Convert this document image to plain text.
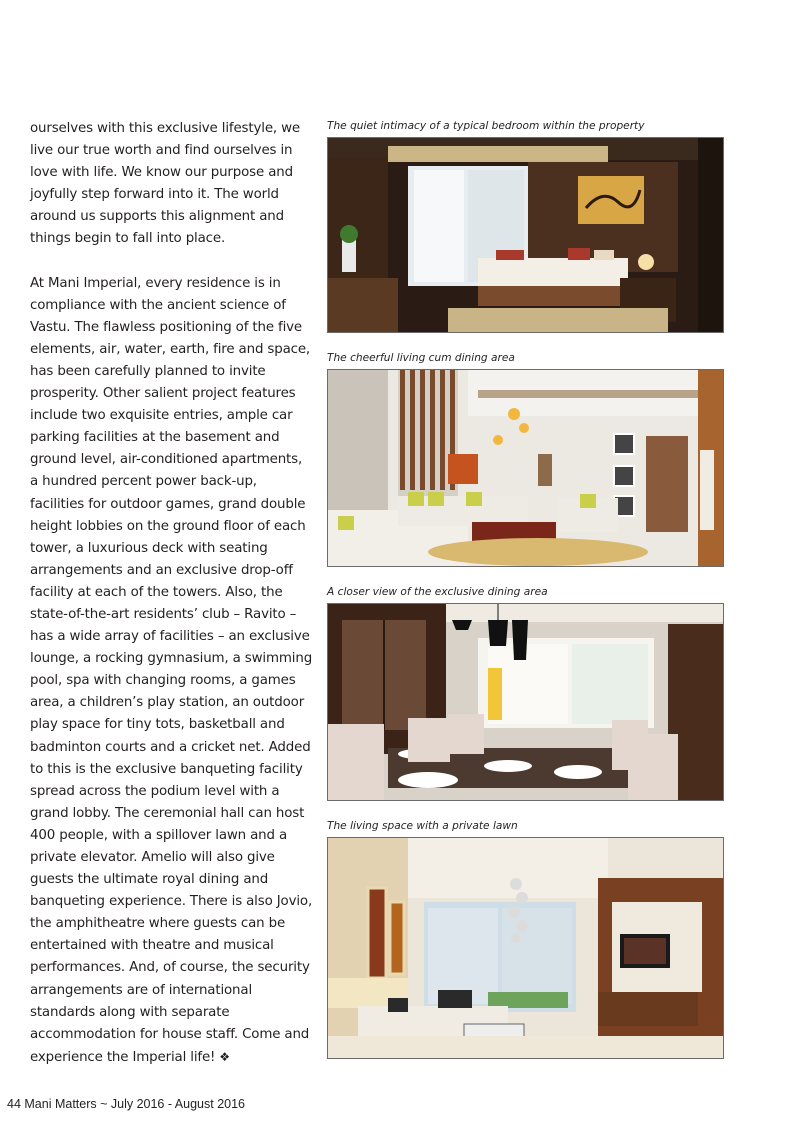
ourselves with this exclusive lifestyle, we live our true worth and find ourselves in love with life. We know our purpose and joyfully step forward into it. The world around us supports this alignment and things begin to fall into place.

At Mani Imperial, every residence is in compliance with the ancient science of Vastu. The flawless positioning of the five elements, air, water, earth, fire and space, has been carefully planned to invite prosperity. Other salient project features include two exquisite entries, ample car parking facilities at the basement and ground level, air-conditioned apartments, a hundred percent power back-up, facilities for outdoor games, grand double height lobbies on the ground floor of each tower, a luxurious deck with seating arrangements and an exclusive drop-off facility at each of the towers. Also, the state-of-the-art residents’ club – Ravito – has a wide array of facilities – an exclusive lounge, a rocking gymnasium, a swimming pool, spa with changing rooms, a games area, a children’s play station, an outdoor play space for tiny tots, basketball and badminton courts and a cricket net. Added to this is the exclusive banqueting facility spread across the podium level with a grand lobby. The ceremonial hall can host 400 people, with a spillover lawn and a private elevator. Amelio will also give guests the ultimate royal dining and banqueting experience. There is also Jovio, the amphitheatre where guests can be entertained with theatre and musical performances. And, of course, the security arrangements are of international standards along with separate accommodation for house staff. Come and experience the Imperial life! ❖

The quiet intimacy of a typical bedroom within the property
The cheerful living cum dining area
A closer view of the exclusive dining area
The living space with a private lawn
44 Mani Matters ~ July 2016 - August 2016
